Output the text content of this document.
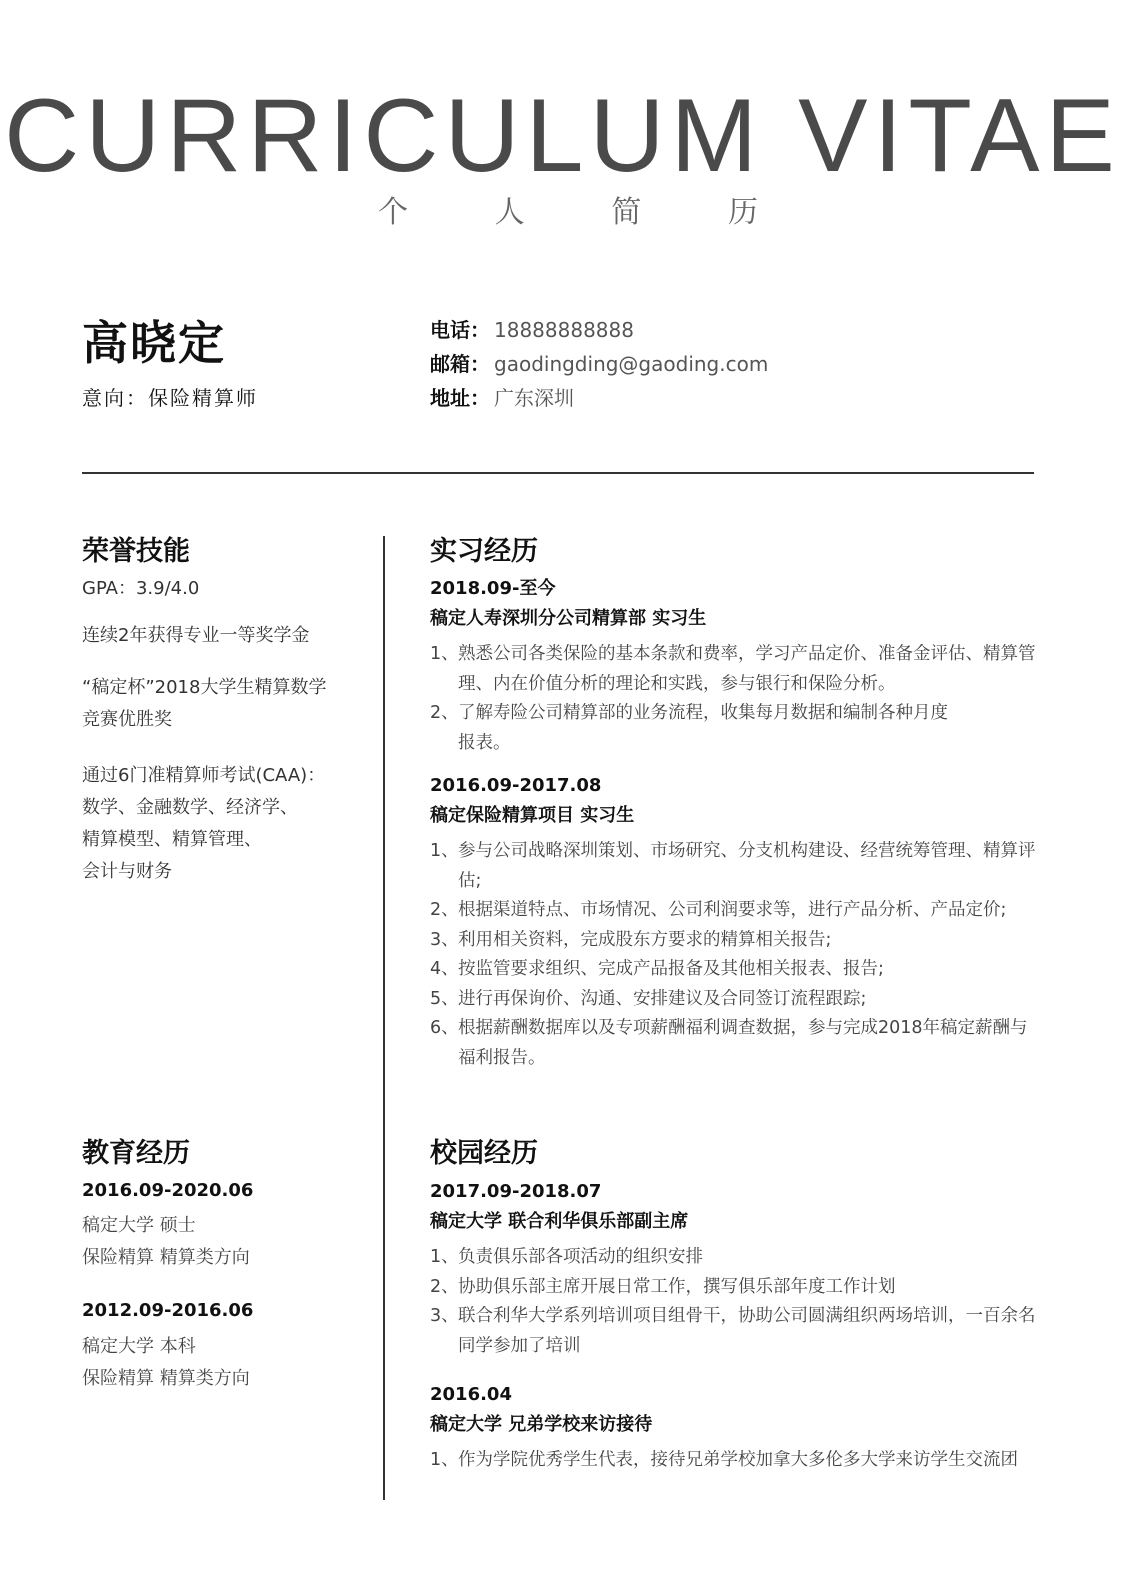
CURRICULUM VITAE
个	人	简	历
高晓定
意向：保险精算师
电话： 18888888888
邮箱： gaodingding@gaoding.com
地址： 广东深圳
荣誉技能
GPA：3.9/4.0
连续2年获得专业一等奖学金
“稿定杯”2018大学生精算数学
竞赛优胜奖
通过6门准精算师考试(CAA)：
数学、金融数学、经济学、
精算模型、精算管理、
会计与财务
教育经历
2016.09-2020.06
稿定大学 硕士
保险精算 精算类方向
2012.09-2016.06
稿定大学 本科
保险精算 精算类方向
实习经历
2018.09-至今
稿定人寿深圳分公司精算部 实习生
1、 熟悉公司各类保险的基本条款和费率，学习产品定价、准备金评估、精算管理、内在价值分析的理论和实践，参与银行和保险分析。
2、 了解寿险公司精算部的业务流程，收集每月数据和编制各种月度报表。
2016.09-2017.08
稿定保险精算项目 实习生
1、 参与公司战略深圳策划、市场研究、分支机构建设、经营统筹管理、精算评估;
2、 根据渠道特点、市场情况、公司利润要求等，进行产品分析、产品定价;
3、 利用相关资料，完成股东方要求的精算相关报告;
4、 按监管要求组织、完成产品报备及其他相关报表、报告;
5、 进行再保询价、沟通、安排建议及合同签订流程跟踪;
6、 根据薪酬数据库以及专项薪酬福利调查数据，参与完成2018年稿定薪酬与福利报告。
校园经历
2017.09-2018.07
稿定大学 联合利华俱乐部副主席
1、 负责俱乐部各项活动的组织安排
2、 协助俱乐部主席开展日常工作，撰写俱乐部年度工作计划
3、 联合利华大学系列培训项目组骨干，协助公司圆满组织两场培训，一百余名同学参加了培训
2016.04
稿定大学 兄弟学校来访接待
1、 作为学院优秀学生代表，接待兄弟学校加拿大多伦多大学来访学生交流团
